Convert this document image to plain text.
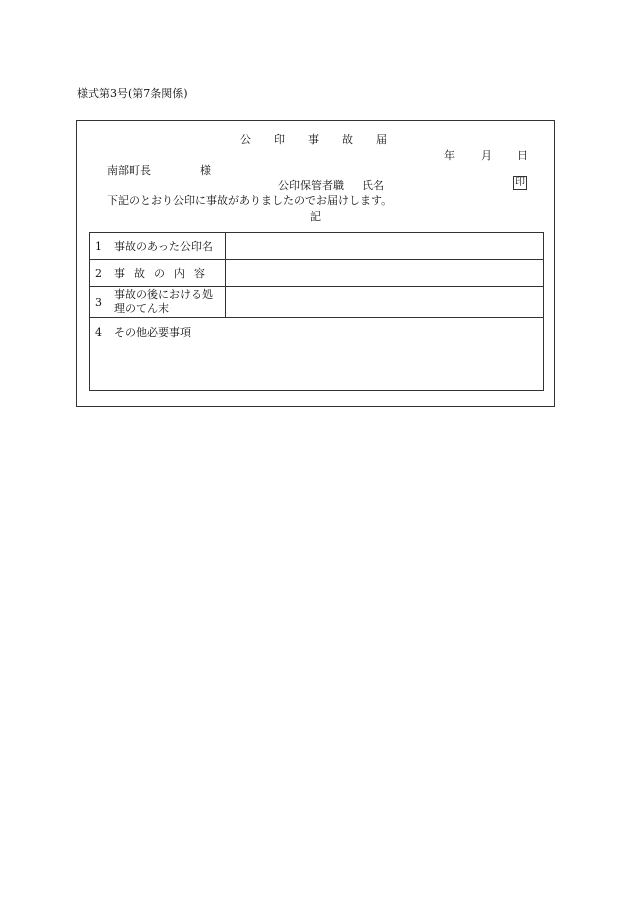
様式第3号(第7条関係)
公印事故届
年 月 日
南部町長	様
公印保管者職 氏名	印
下記のとおり公印に事故がありましたのでお届けします。
記
1 事故のあった公印名	

2 事故の内容	

3
事故の後における処
理のてん末	

4 その他必要事項	
